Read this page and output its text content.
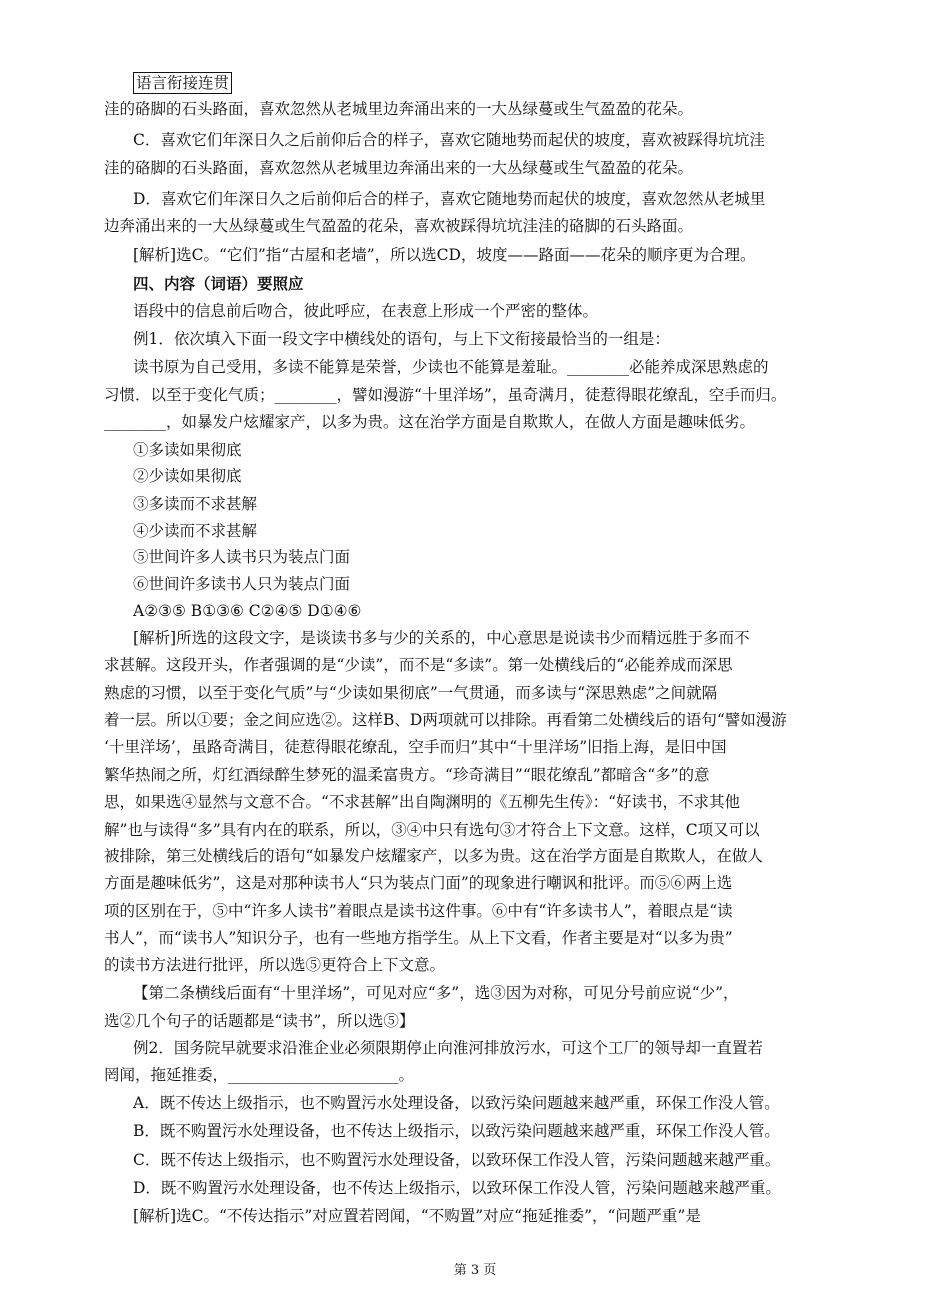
语言衔接连贯
洼的硌脚的石头路面，喜欢忽然从老城里边奔涌出来的一大丛绿蔓或生气盈盈的花朵。
C．喜欢它们年深日久之后前仰后合的样子，喜欢它随地势而起伏的坡度，喜欢被踩得坑坑洼
洼的硌脚的石头路面，喜欢忽然从老城里边奔涌出来的一大丛绿蔓或生气盈盈的花朵。
D．喜欢它们年深日久之后前仰后合的样子，喜欢它随地势而起伏的坡度，喜欢忽然从老城里
边奔涌出来的一大丛绿蔓或生气盈盈的花朵，喜欢被踩得坑坑洼洼的硌脚的石头路面。
[解析]选C。“它们”指“古屋和老墙”，所以选CD，坡度——路面——花朵的顺序更为合理。
四、内容（词语）要照应
语段中的信息前后吻合，彼此呼应，在表意上形成一个严密的整体。
例1．依次填入下面一段文字中横线处的语句，与上下文衔接最恰当的一组是：
读书原为自己受用，多读不能算是荣誉，少读也不能算是羞耻。________必能养成深思熟虑的
习惯．以至于变化气质；________，譬如漫游“十里洋场”，虽奇满月，徒惹得眼花缭乱，空手而归。
________，如暴发户炫耀家产，以多为贵。这在治学方面是自欺欺人，在做人方面是趣味低劣。
①多读如果彻底
②少读如果彻底
③多读而不求甚解
④少读而不求甚解
⑤世间许多人读书只为装点门面
⑥世间许多读书人只为装点门面
A②③⑤ B①③⑥ C②④⑤ D①④⑥
[解析]所选的这段文字，是谈读书多与少的关系的，中心意思是说读书少而精远胜于多而不
求甚解。这段开头，作者强调的是“少读”，而不是“多读”。第一处横线后的“必能养成而深思
熟虑的习惯，以至于变化气质”与“少读如果彻底”一气贯通，而多读与“深思熟虑”之间就隔
着一层。所以①要；金之间应选②。这样B、D两项就可以排除。再看第二处横线后的语句“譬如漫游
‘十里洋场’，虽路奇满目，徒惹得眼花缭乱，空手而归”其中“十里洋场”旧指上海，是旧中国
繁华热闹之所，灯红酒绿醉生梦死的温柔富贵方。“珍奇满目”“眼花缭乱”都暗含“多”的意
思，如果选④显然与文意不合。“不求甚解”出自陶渊明的《五柳先生传》：“好读书，不求其他
解”也与读得“多”具有内在的联系，所以，③④中只有选句③才符合上下文意。这样，C项又可以
被排除，第三处横线后的语句“如暴发户炫耀家产，以多为贵。这在治学方面是自欺欺人，在做人
方面是趣味低劣”，这是对那种读书人“只为装点门面”的现象进行嘲讽和批评。而⑤⑥两上选
项的区别在于，⑤中“许多人读书”着眼点是读书这件事。⑥中有“许多读书人”，着眼点是“读
书人”，而“读书人”知识分子，也有一些地方指学生。从上下文看，作者主要是对“以多为贵”
的读书方法进行批评，所以选⑤更符合上下文意。
【第二条横线后面有“十里洋场”，可见对应“多”，选③因为对称，可见分号前应说“少”，
选②几个句子的话题都是“读书”，所以选⑤】
例2．国务院早就要求沿淮企业必须限期停止向淮河排放污水，可这个工厂的领导却一直置若
罔闻，拖延推委，______________________。
A．既不传达上级指示，也不购置污水处理设备，以致污染问题越来越严重，环保工作没人管。
B．既不购置污水处理设备，也不传达上级指示，以致污染问题越来越严重，环保工作没人管。
C．既不传达上级指示，也不购置污水处理设备，以致环保工作没人管，污染问题越来越严重。
D．既不购置污水处理设备，也不传达上级指示，以致环保工作没人管，污染问题越来越严重。
[解析]选C。“不传达指示”对应置若罔闻，“不购置”对应“拖延推委”，“问题严重”是
第 3 页
